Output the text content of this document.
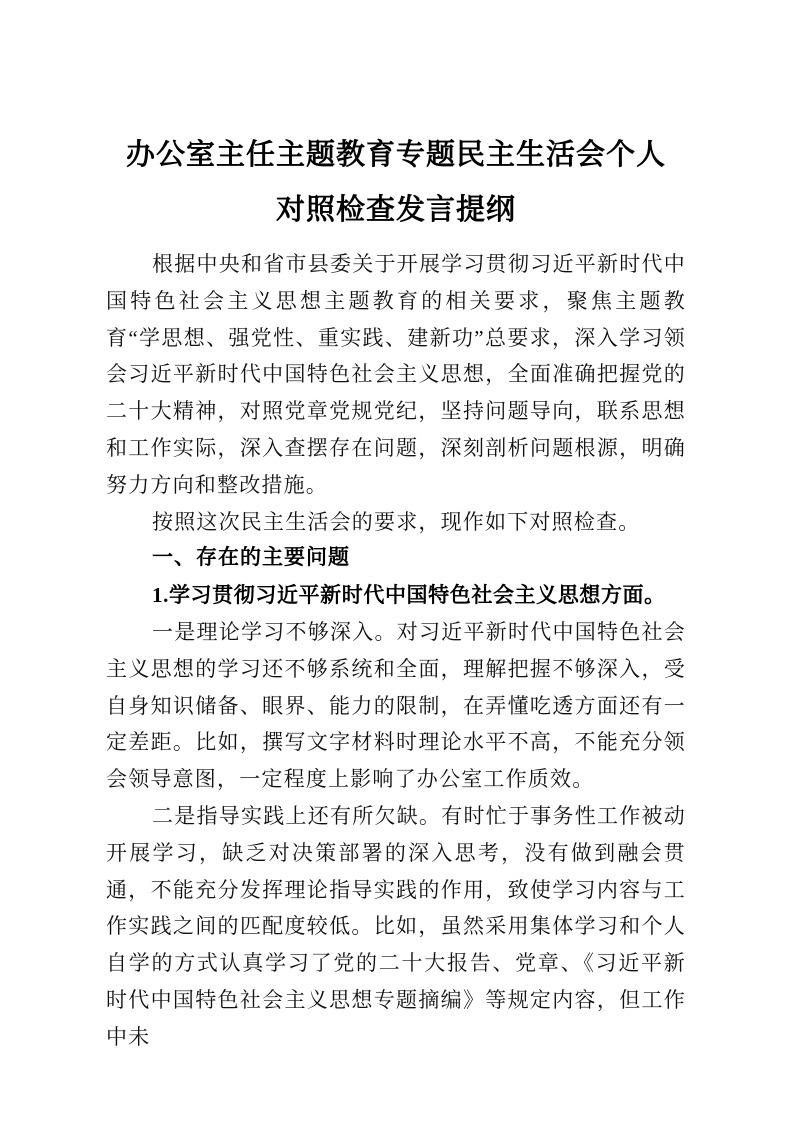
办公室主任主题教育专题民主生活会个人
对照检查发言提纲

根据中央和省市县委关于开展学习贯彻习近平新时代中国特色社会主义思想主题教育的相关要求，聚焦主题教育“学思想、强党性、重实践、建新功”总要求，深入学习领会习近平新时代中国特色社会主义思想，全面准确把握党的二十大精神，对照党章党规党纪，坚持问题导向，联系思想和工作实际，深入查摆存在问题，深刻剖析问题根源，明确努力方向和整改措施。

按照这次民主生活会的要求，现作如下对照检查。

一、存在的主要问题

1.学习贯彻习近平新时代中国特色社会主义思想方面。

一是理论学习不够深入。对习近平新时代中国特色社会主义思想的学习还不够系统和全面，理解把握不够深入，受自身知识储备、眼界、能力的限制，在弄懂吃透方面还有一定差距。比如，撰写文字材料时理论水平不高，不能充分领会领导意图，一定程度上影响了办公室工作质效。

二是指导实践上还有所欠缺。有时忙于事务性工作被动开展学习，缺乏对决策部署的深入思考，没有做到融会贯通，不能充分发挥理论指导实践的作用，致使学习内容与工作实践之间的匹配度较低。比如，虽然采用集体学习和个人自学的方式认真学习了党的二十大报告、党章、《习近平新时代中国特色社会主义思想专题摘编》等规定内容，但工作中未
